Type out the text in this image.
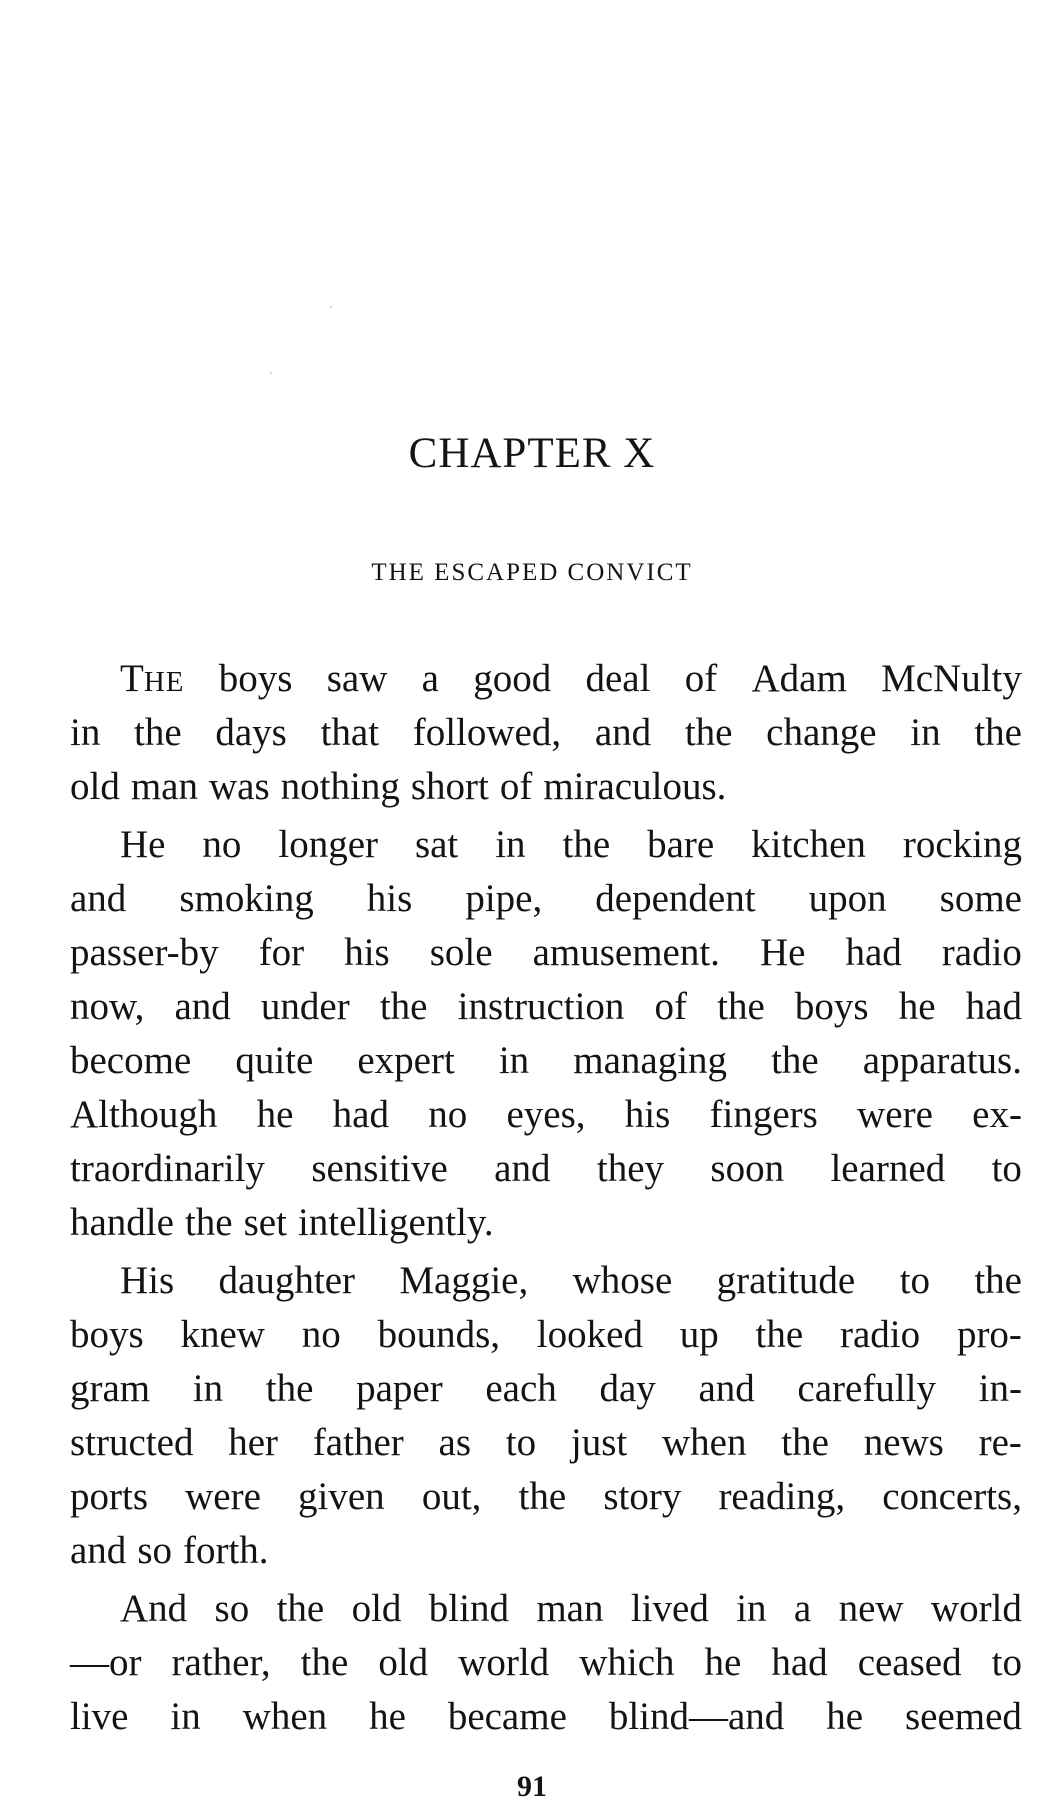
CHAPTER X
THE ESCAPED CONVICT
THE boys saw a good deal of Adam McNulty
in the days that followed, and the change in the
old man was nothing short of miraculous.
He no longer sat in the bare kitchen rocking
and smoking his pipe, dependent upon some
passer-by for his sole amusement. He had radio
now, and under the instruction of the boys he had
become quite expert in managing the apparatus.
Although he had no eyes, his fingers were ex-
traordinarily sensitive and they soon learned to
handle the set intelligently.
His daughter Maggie, whose gratitude to the
boys knew no bounds, looked up the radio pro-
gram in the paper each day and carefully in-
structed her father as to just when the news re-
ports were given out, the story reading, concerts,
and so forth.
And so the old blind man lived in a new world
—or rather, the old world which he had ceased to
live in when he became blind—and he seemed
91
